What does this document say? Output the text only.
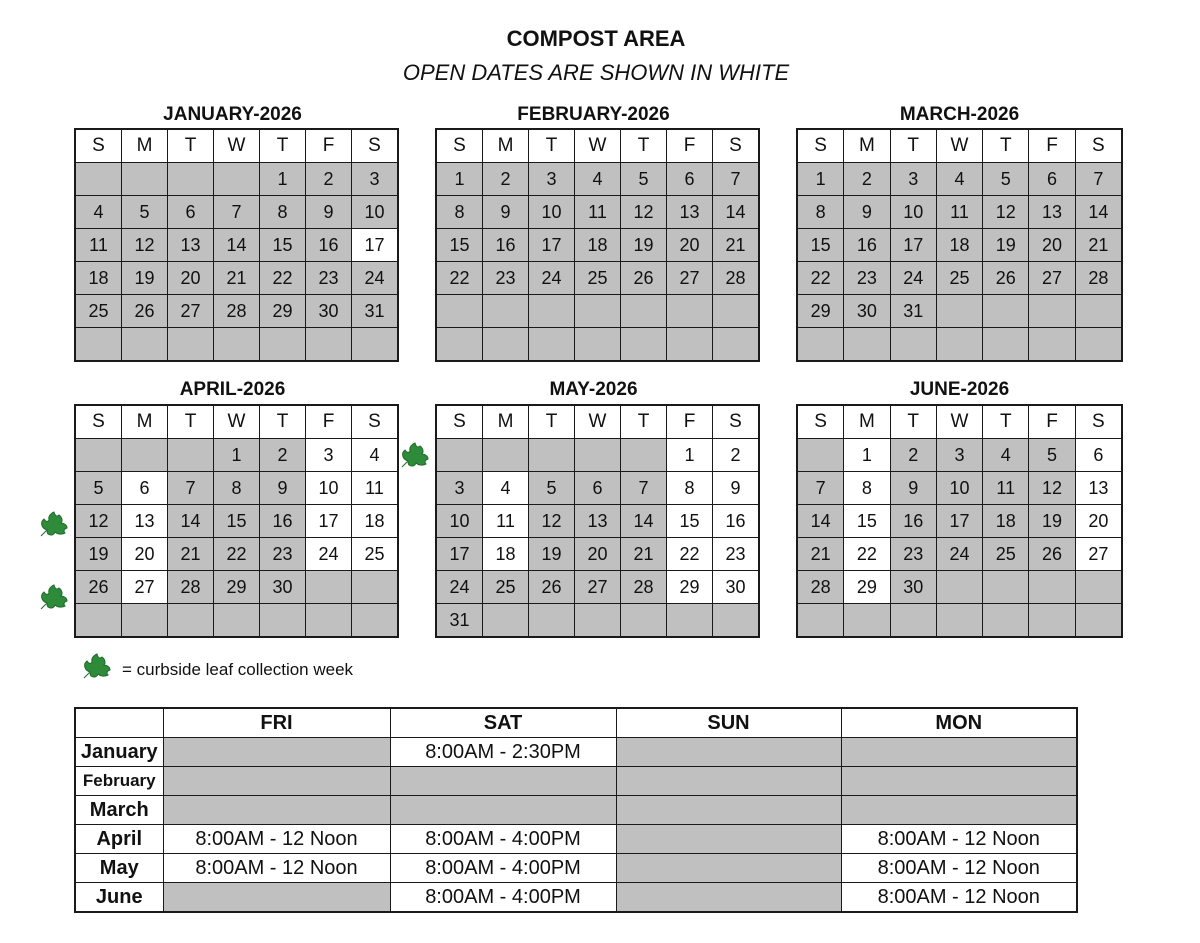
COMPOST AREA
OPEN DATES ARE SHOWN IN WHITE
JANUARY-2026	FEBRUARY-2026	MARCH-2026
APRIL-2026	MAY-2026	JUNE-2026
S	M	T	W	T	F	S
				1	2	3
4	5	6	7	8	9	10
11	12	13	14	15	16	17
18	19	20	21	22	23	24
25	26	27	28	29	30	31

S	M	T	W	T	F	S
1	2	3	4	5	6	7
8	9	10	11	12	13	14
15	16	17	18	19	20	21
22	23	24	25	26	27	28

S	M	T	W	T	F	S
1	2	3	4	5	6	7
8	9	10	11	12	13	14
15	16	17	18	19	20	21
22	23	24	25	26	27	28
29	30	31				

S	M	T	W	T	F	S
			1	2	3	4
5	6	7	8	9	10	11
12	13	14	15	16	17	18
19	20	21	22	23	24	25
26	27	28	29	30		

S	M	T	W	T	F	S
					1	2
3	4	5	6	7	8	9
10	11	12	13	14	15	16
17	18	19	20	21	22	23
24	25	26	27	28	29	30
31						
S	M	T	W	T	F	S
	1	2	3	4	5	6
7	8	9	10	11	12	13
14	15	16	17	18	19	20
21	22	23	24	25	26	27
28	29	30				

= curbside leaf collection week
	FRI	SAT	SUN	MON
January		8:00AM - 2:30PM		
February				
March				
April	8:00AM - 12 Noon	8:00AM - 4:00PM		8:00AM - 12 Noon
May	8:00AM - 12 Noon	8:00AM - 4:00PM		8:00AM - 12 Noon
June		8:00AM - 4:00PM		8:00AM - 12 Noon
